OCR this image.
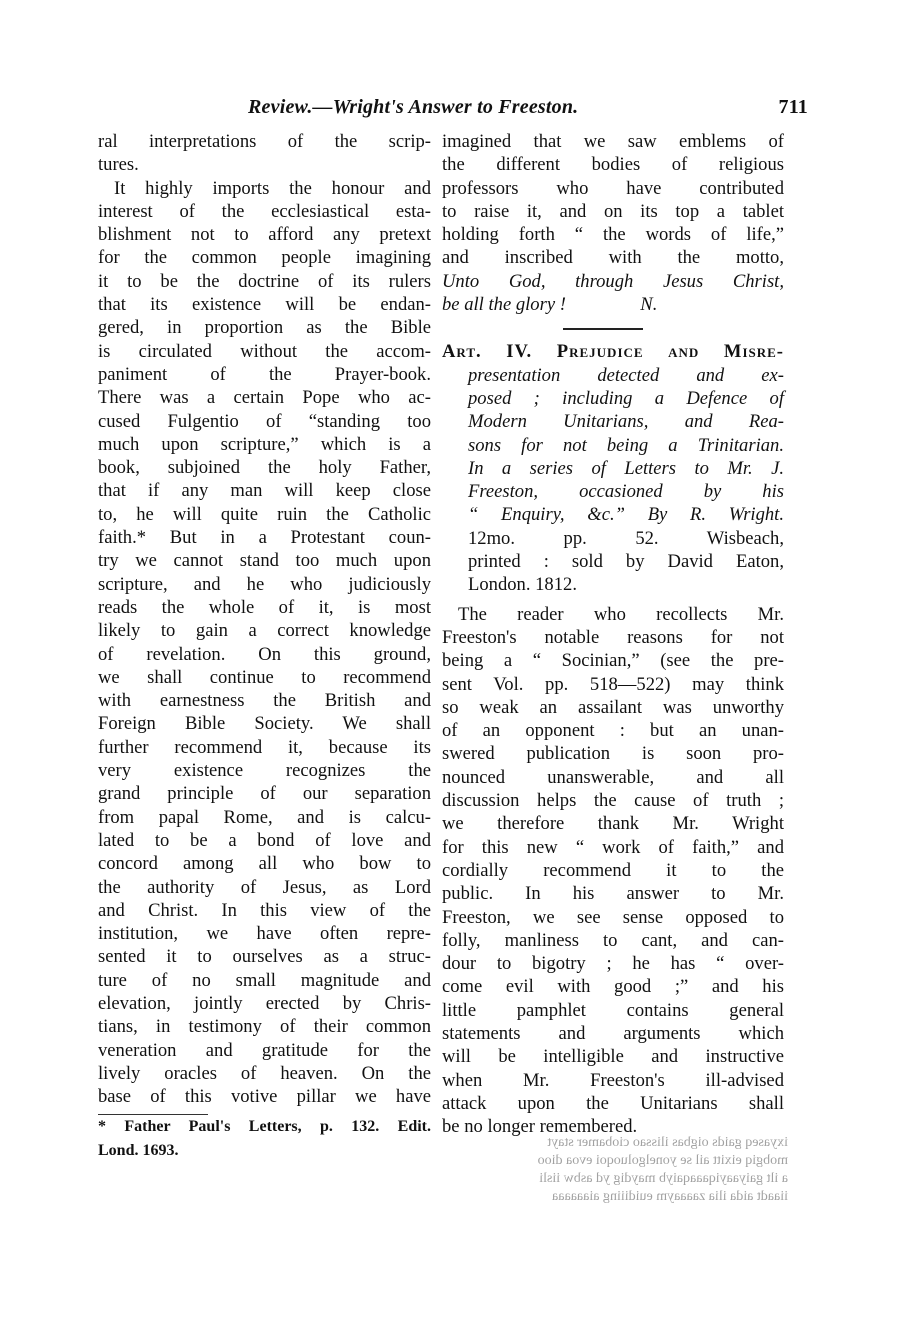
Review.—Wright's Answer to Freeston.	711
ral interpretations of the scrip-
tures.
It highly imports the honour and
interest of the ecclesiastical esta-
blishment not to afford any pretext
for the common people imagining
it to be the doctrine of its rulers
that its existence will be endan-
gered, in proportion as the Bible
is circulated without the accom-
paniment of the Prayer-book.
There was a certain Pope who ac-
cused Fulgentio of “standing too
much upon scripture,” which is a
book, subjoined the holy Father,
that if any man will keep close
to, he will quite ruin the Catholic
faith.* But in a Protestant coun-
try we cannot stand too much upon
scripture, and he who judiciously
reads the whole of it, is most
likely to gain a correct knowledge
of revelation. On this ground,
we shall continue to recommend
with earnestness the British and
Foreign Bible Society. We shall
further recommend it, because its
very existence recognizes the
grand principle of our separation
from papal Rome, and is calcu-
lated to be a bond of love and
concord among all who bow to
the authority of Jesus, as Lord
and Christ. In this view of the
institution, we have often repre-
sented it to ourselves as a struc-
ture of no small magnitude and
elevation, jointly erected by Chris-
tians, in testimony of their common
veneration and gratitude for the
lively oracles of heaven. On the
base of this votive pillar we have
* Father Paul's Letters, p. 132. Edit.
Lond. 1693.
imagined that we saw emblems of
the different bodies of religious
professors who have contributed
to raise it, and on its top a tablet
holding forth “ the words of life,”
and inscribed with the motto,
Unto God, through Jesus Christ,
be all the glory !                N.
Art. IV. Prejudice and Misre-
presentation detected and ex-
posed ; including a Defence of
Modern Unitarians, and Rea-
sons for not being a Trinitarian.
In a series of Letters to Mr. J.
Freeston, occasioned by his
“ Enquiry, &c.” By R. Wright.
12mo. pp. 52. Wisbeach,
printed : sold by David Eaton,
London. 1812.
The reader who recollects Mr.
Freeston's notable reasons for not
being a “ Socinian,” (see the pre-
sent Vol. pp. 518—522) may think
so weak an assailant was unworthy
of an opponent : but an unan-
swered publication is soon pro-
nounced unanswerable, and all
discussion helps the cause of truth ;
we therefore thank Mr. Wright
for this new “ work of faith,” and
cordially recommend it to the
public. In his answer to Mr.
Freeston, we see sense opposed to
folly, manliness to cant, and can-
dour to bigotry ; he has “ over-
come evil with good ;” and his
little pamphlet contains general
statements and arguments which
will be intelligible and instructive
when Mr. Freeston's ill-advised
attack upon the Unitarians shall
be no longer remembered.
ixyaseq gaids oigbas ilissao ciobamer stayt
mobgiq eixitt ail se yonelgoluoqoi evoa dioo
a ilt gaiyaayiqaaaqaiyb maydig yd asbw iisli
iiaadt aida ilia zaaaaym euidiiing aiaaaaaa
